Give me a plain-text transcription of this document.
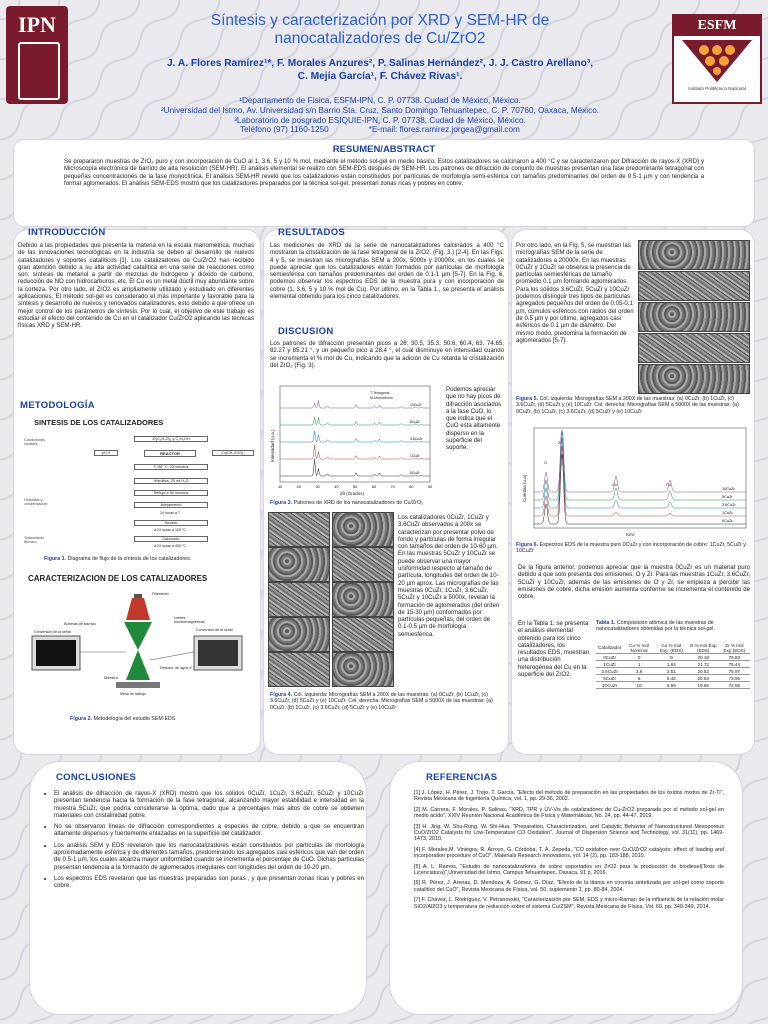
IPN	Síntesis y caracterización por XRD y SEM-HR de
nanocatalizadores de Cu/ZrO2
J. A. Flores Ramírez¹*, F. Morales Anzures², P. Salinas Hernández², J. J. Castro Arellano³,
C. Mejía García¹, F. Chávez Rivas¹.
¹Departamento de Física, ESFM-IPN, C. P. 07738. Cudad de México, México.
²Universidad del Istmo, Av. Universidad s/n Barrio Sta. Cruz, Santo Domingo Tehuantepec, C. P. 70760, Oaxaca, México.
³Laboratorio de posgrado ESIQUIE-IPN, C. P. 07738, Cudad de México, México.
Teléfono (97) 1160-1250	*E-mail: flores.ramirez.jorgea@gmail.com
ESFM
Instituto Politécnico Nacional
RESUMEN/ABSTRACT
Se prepararon muestras de ZrO₂ puro y con incorporación de CuO al 1, 3.6, 5 y 10 % mol, mediante el método sol-gel en medio básico. Estos catalizadores se calcinaron a 400 °C y se caracterizaron por Difracción de rayos-X (XRD) y Microscopía electrónica de barrido de alta resolución (SEM-HR). El análisis elemental se realizo con SEM-EDS después de SEM-HR. Los patrones de difracción de conjunto de muestras presentan una fase predominante tetragonal con pequeñas concentraciones de la fase monoclínica. El análisis SEM-HR reveló que los catalizadores están constituidos por partículas de morfología semi-esférica con tamaños predominantes del orden de 0.5-1 µm y con tendencia a formar aglomerados. El análisis SEM-EDS mostró que los catalizadores preparados por la técnica sol-gel, presentan zonas ricas y pobres en cobre.
INTRODUCCIÓN
Debido a las propiedades que presenta la materia en la escala manométrica, muchas de las innovaciones tecnológicas en la industria se deben al desarrollo de nuevos catalizadores y soportes catalíticos [1]. Los catalizadores de Cu/ZrO2 han recibido gran atención debido a su alta actividad catalítica en una serie de reacciones como son: síntesis de metanol a partir de mezclas de hidrógeno y dióxido de carbono, reducción de NO con hidrocarburos, etc. El Cu es un metal dúctil muy abundante sobre la corteza. Por otro lado, el ZrO2 es ampliamente utilizado y estudiado en diferentes aplicaciones. El método sol-gel es considerado el más importante y favorable para la síntesis y desarrollo de nuevos y renovados catalizadores, esto debido a que ofrece un mejor control de los parámetros de síntesis. Por lo cual, el objetivo de este trabajo es estudiar el efecto del contenido de Cu en el catalizador Cu/ZrO2 aplicando las técnicas físicas XRD y SEM-HR.
METODOLOGÍA
SINTESIS DE LOS CATALIZADORES
Condiciones iniciales
Hidrólisis y condensación
Tratamiento térmico
Zr(C₄H₉O)₄ y C₂H₅OH
REACTOR
pH 9	Cu(CH₃COO)₂
T=98 °C, 20 minutos
Hidrólisis, 20 ml H₂O
Reflujo a 50 minutos
Añejamiento
24 horas a T
Secado
a 24 horas a 105 °C
Calcinado
a 24 horas a 400 °C
Figura 1. Diagrama de flujo de la síntesis de los catalizadores.
CARACTERIZACION DE LOS CATALIZADORES
Filamento
Lentes electromagnéticas
Bobinas de barrido
Conversión de la señal
Muestra
Detector de rayos X
Conversión de la señal
Mesa de trabajo
Figura 2. Metodología del estudio SEM-EDS
RESULTADOS
Las mediciones de XRD de la serie de nanocatalizadores calcinados a 400 °C mostraron la cristalización de la fase tetragonal de la ZrO2. (Fig. 3.) [2-4]. En las Figs. 4 y 5, se muestran las micrografías SEM a 200x, 5000x y 20000x, en los cuales se puede apreciar que los catalizadores están formados por partículas de morfología semiesférica con tamaños predominantes del orden de 0.1-1 µm [5-7]. En la Fig. 6, podemos observar los espectros EDS de la muestra pura y con incorporación de cobre (1, 3.6, 5 y 10 % mol de Cu). Por ultimo, en la Tabla 1., se presenta el análisis elemental obtenido para los cinco catalizadores.
DISCUSION
Los patrones de difracción presentan picos a 2θ: 30.5, 35.3, 50.6, 60.4, 63, 74.65, 82.27 y 85.21 °, y un pequeño pico a 28.4 °, el cual disminuye en intensidad cuando se incrementa el % mol de Cu, indicando que la adición de Cu retarda la cristalización del ZrO₂ (Fig. 3).
10	20	30	40	50	60	70	80	90
Intensidad (u.a.)
2θ (Grados)
T-Tetragonal
M-Monoclínica
0CuZr
1CuZr
3.6CuZr
5CuZr
10CuZr
Podemos apreciar que no hay picos de difracción asociados a la fase CuO, lo que indica que el CuO esta altamente disperso en la superficie del soporte.
Figura 3. Patrones de XRD de los nanocatalizadores de Cu/ZrO₂
Los catalizadores 0CuZr, 1CuZr y 3.6CuZr observados a 200x se caracterizan por presentar polvo de fondo y partículas de forma irregular con tamaños del orden de 10-60 µm. En las muestras 5CuZr y 10CuZr se puede observar una mayor uniformidad respecto al tamaño de partícula, longitudes del orden de 10-20 µm aprox. Las micrografías de las muestras 0CuZr, 1CuZr, 3.6CuZr, 5CuZr y 10CuZr a 5000x, revelan la formación de aglomerados (del orden de 15-30 µm) conformados por partículas pequeñas, del orden de 0.1-0.5 µm de morfología semiesférica.
Figura 4. Col. izquierda: Micrografías SEM a 200X de las muestras: (a) 0CuZr, (b) 1CuZr, (c) 3.6CuZr, (d) 5CuZr y (e) 10CuZr. Col. derecha: Micrografías SEM a 5000X de las muestras: (a) 0CuZr, (b) 1CuZr, (c) 3.6CuZr, (d) 5CuZr y (e) 10CuZr
Por otro lado, en la Fig. 5, se muestran las micrografías SEM de la serie de catalizadores a 20000x. En las muestras 0CuZr y 1CuZr se observa la presencia de partículas semiesféricas de tamaño promedio 0.1 µm formando aglomerados. Para los sólidos 3.6CuZr, 5CuZr y 10CuZr podemos distinguir tres tipos de partículas: agregados pequeños del orden de 0.05-0.1 µm, cúmulos esféricos con radios del orden de 0.5 µm y por último, agregados casi esféricos de 0.1 µm de diámetro. Del mismo modo, predomina la formación de aglomerados [5-7].
Figura 5. Col. izquierda: Micrografías SEM a 200X de las muestras: (a) 0CuZr, (b) 1CuZr, (c) 3.6CuZr, (d) 5CuZr y (e) 10CuZr. Col. derecha: Micrografías SEM a 5000X de las muestras: (a) 0CuZr, (b) 1CuZr, (c) 3.6CuZr, (d) 5CuZr y (e) 10CuZr
Cuentas (u.a)
KeV
Zr
O
Cu	Cu
0CuZr
1CuZr
3.6CuZr
5CuZr
10CuZr
Figura 6. Espectros EDS de la muestra puro 0CuZr y con incorporación de cobre: 1CuZr, 5CuZr y 10CuZr
De la figura anterior, podemos apreciar que la muestra 0CuZr es un material puro debido a que solo presenta dos emisiones: O y Zr. Para las muestras 1CuZr, 3.6CuZr, 5CuZr y 10CuZr, además de las emisiones de O y Zr, se empieza a percibir las emisiones de cobre, dicha emisión aumenta conforme se incrementa el contenido de cobre.
En la Tabla 1, se presenta el análisis elemental obtenido para los cinco catalizadores, los resultados EDS, muestran una distribución heterogénea del Cu en la superficie del ZrO2.
Tabla 1. Composición atómica de las muestras de nanocatalizadores obtenidas por la técnica sol-gel.
Catalizador	Cu % mol Nominal	Cu % mol Exp. (EDS)	O % mol Exp (EDS)	Zr % mol Exp (EDS)
0CuZr	0	0	20.18	79.83
1CuZr	1	1.84	21.72	76.44
3.6CuZr	3.6	3.51	20.52	75.97
5CuZr	5	5.42	20.63	73.95
10CuZr	10	6.50	19.65	72.85
CONCLUSIONES
• El análisis de difracción de rayos-X (XRD) mostró que los sólidos 0CuZr, 1CuZr, 3.6CuZr, 5CuZr y 10CuZr presentan tendencia hacia la formación de la fase tetragonal, alcanzando mayor estabilidad e intensidad en la muestra 5CuZr, que podría considerarse la óptima, dado que a porcentajes mas altos de cobre se obtienen materiales con cristalinidad pobre.
• No se observaron líneas de difracción correspondientes a especies de cobre, debido a que se encuentran altamente dispersos y fuertemente enlazadas en la superficie del catalizador.
• Los análisis SEM y EDS revelaron que los nanocatalizadores están constituidos por partículas de morfología aproximadamente esférica y de diferentes tamaños, predominando los agregados casi esféricos que van del orden de 0.5-1 µm, los cuales alcanza mayor uniformidad cuando se incrementa el porcentaje de CuO. Dichas partículas presentan tendencia a la formación de aglomerados irregulares con longitudes del orden de 10-20 µm.
• Los espectros EDS revelaron que las muestras preparadas son puras , y que presentan zonas ricas y pobres en cobre.
REFERENCIAS

[1] J. López, H. Pérez, J. Trejo, T. García, "Efecto del método de preparación en las propiedades de los óxidos mixtos de Zr-Ti", Revista Mexicana de Ingeniería Química, vol. 1, pp. 29-36, 2002.

[2] M. Carrera, F. Morales, P. Salinas, "XRD, TPR y UV-Vis de catalizadores de Cu-ZrO2 preparado por el método sol-gel en medio ácido", XXIV Reunión Nacional Académica de Física y Matemáticas, No. 24, pp. 44-47, 2019.

[3] H. Jing, W. Shu-Rong, W. Shi-Hua, "Preparation, Characterization, and Catalytic Behavior of Nanostructured Mesoporous CuO/ZrO2 Catalysts for Low-Temperature CO Oxidation", Journal of Dispersion Science and Technology, vol. 31(11), pp. 1469-1473, 2010.

[4] F. Morales,M. Viniegra, R. Arroyo, G. Córdoba, T. A. Zepeda, "CO oxidation over CuO/ZrO2 catalysts: effect of loading and incorporation procedure of CuO", Materials Research Innovations, vol. 14 (2), pp. 183-188, 2010.

[5] A. L. Ramos, "Estudio de nanocatalizadores de cobre soportados en ZrO2 para la producción de biodiesel(Tesis de Licenciatura)",Universidad del Istmo, Campus Tehuantepec, Oaxaca, 91 p, 2016.

[6] R. Pérez, J. Arenas, D. Mendoza, A. Gómez, G. Díaz, "Efecto de la titania en circonia sintetizada por sol-gel como soporte catalítico del CuO", Revista Mexicana de Física, vol. 50, suplemento 1, pp. 80-84, 2004.

[7] F. Chávez, L. Rodríguez, V. Petranovskii, "Caracterización por SEM, EDS y micro-Raman de la influencia de la relación molar SiO2/Al2O3 y temperatura de reducción sobre el sistema Cu/ZSM", Revista Mexicana de Física, Vol. 60, pp. 340-349, 2014.
